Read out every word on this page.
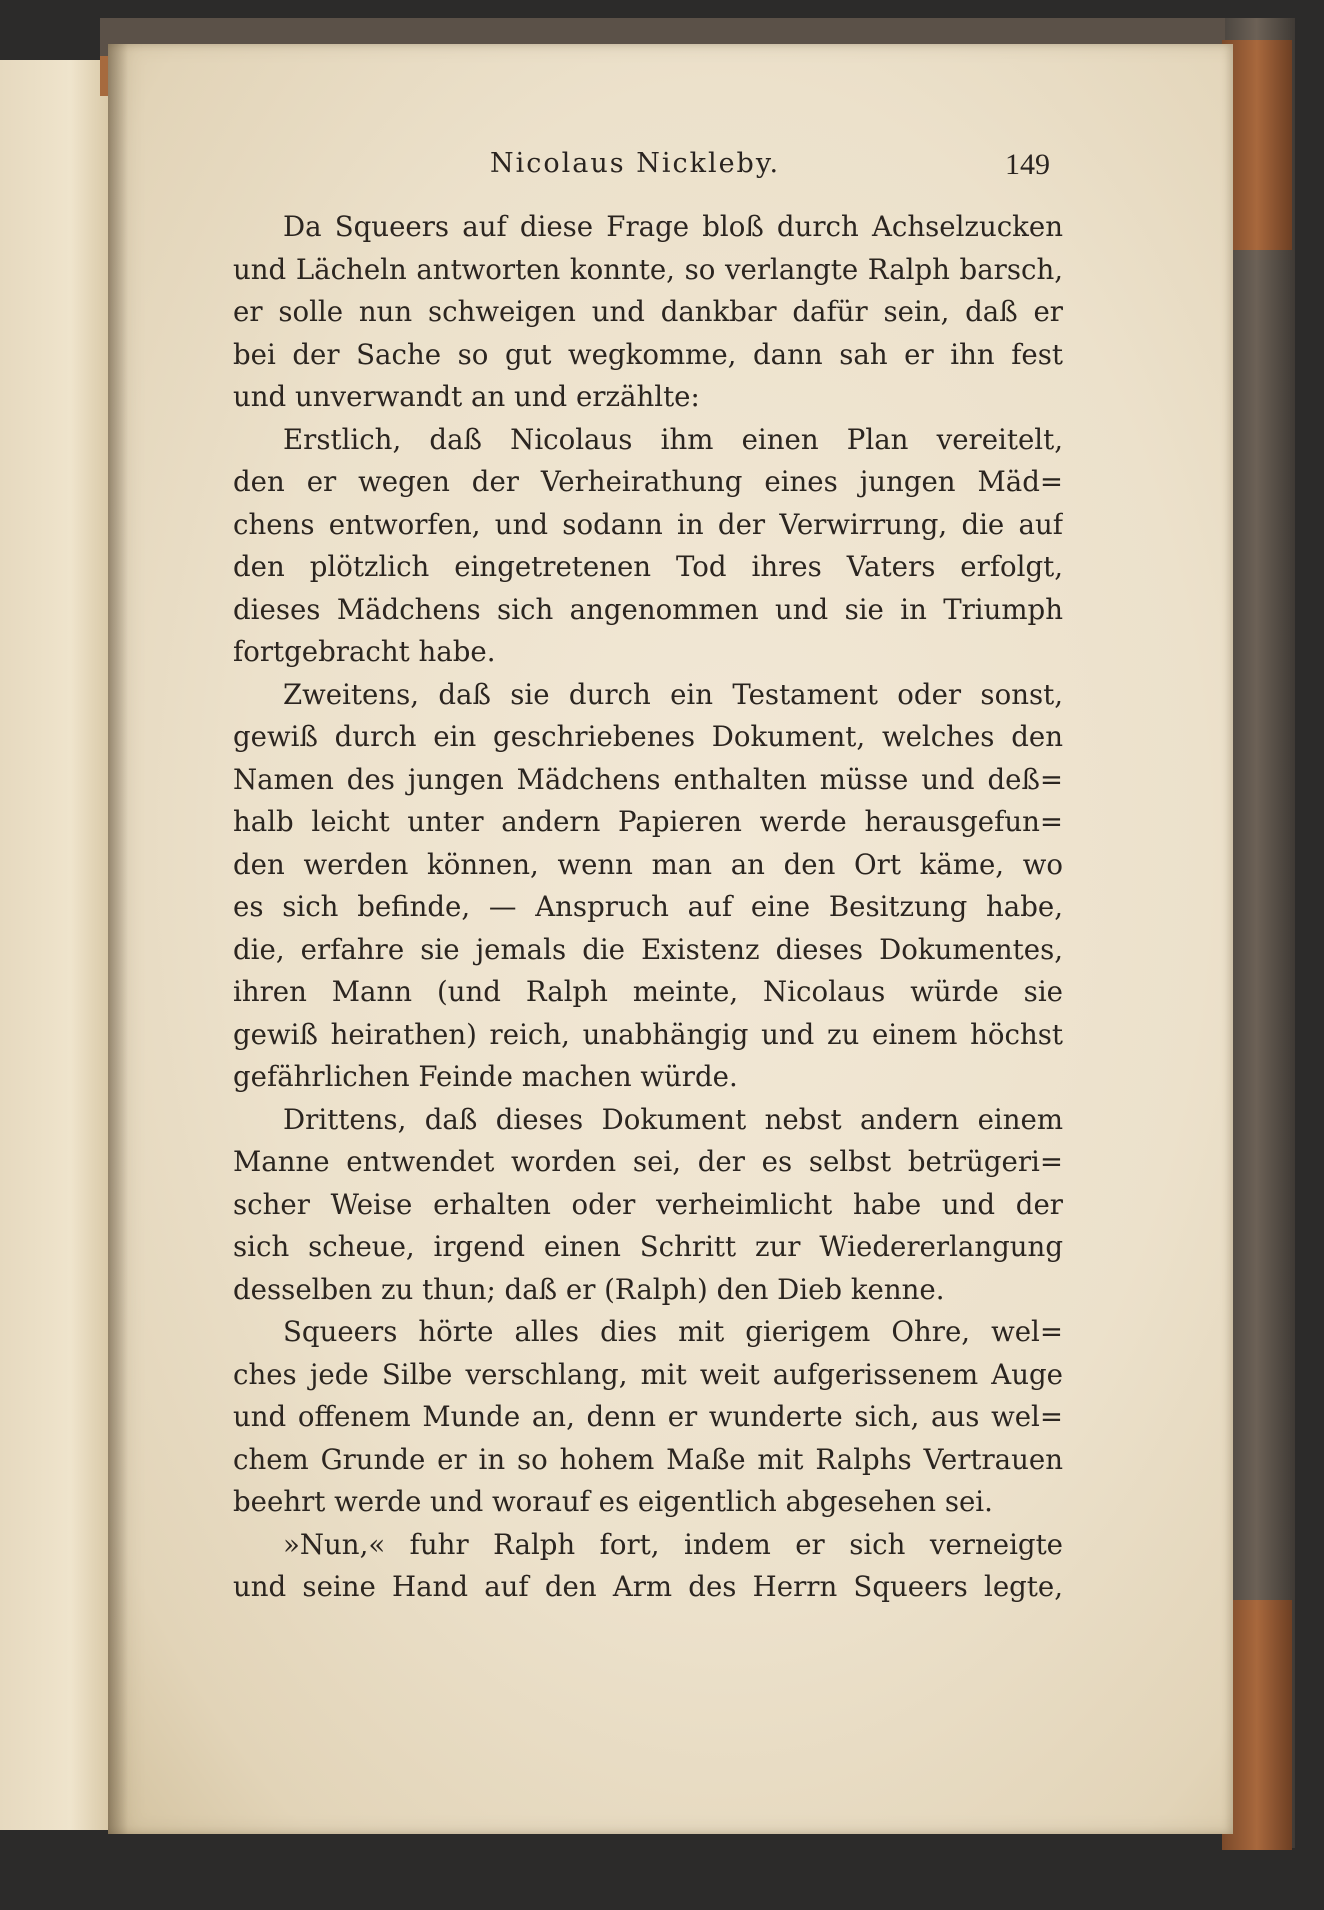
Nicolaus Nickleby.	149
Da Squeers auf diese Frage bloß durch Achselzucken
und Lächeln antworten konnte, so verlangte Ralph barsch,
er solle nun schweigen und dankbar dafür sein, daß er
bei der Sache so gut wegkomme, dann sah er ihn fest
und unverwandt an und erzählte:
Erstlich, daß Nicolaus ihm einen Plan vereitelt,
den er wegen der Verheirathung eines jungen Mäd=
chens entworfen, und sodann in der Verwirrung, die auf
den plötzlich eingetretenen Tod ihres Vaters erfolgt,
dieses Mädchens sich angenommen und sie in Triumph
fortgebracht habe.
Zweitens, daß sie durch ein Testament oder sonst,
gewiß durch ein geschriebenes Dokument, welches den
Namen des jungen Mädchens enthalten müsse und deß=
halb leicht unter andern Papieren werde herausgefun=
den werden können, wenn man an den Ort käme, wo
es sich befinde, — Anspruch auf eine Besitzung habe,
die, erfahre sie jemals die Existenz dieses Dokumentes,
ihren Mann (und Ralph meinte, Nicolaus würde sie
gewiß heirathen) reich, unabhängig und zu einem höchst
gefährlichen Feinde machen würde.
Drittens, daß dieses Dokument nebst andern einem
Manne entwendet worden sei, der es selbst betrügeri=
scher Weise erhalten oder verheimlicht habe und der
sich scheue, irgend einen Schritt zur Wiedererlangung
desselben zu thun; daß er (Ralph) den Dieb kenne.
Squeers hörte alles dies mit gierigem Ohre, wel=
ches jede Silbe verschlang, mit weit aufgerissenem Auge
und offenem Munde an, denn er wunderte sich, aus wel=
chem Grunde er in so hohem Maße mit Ralphs Vertrauen
beehrt werde und worauf es eigentlich abgesehen sei.
»Nun,« fuhr Ralph fort, indem er sich verneigte
und seine Hand auf den Arm des Herrn Squeers legte,
